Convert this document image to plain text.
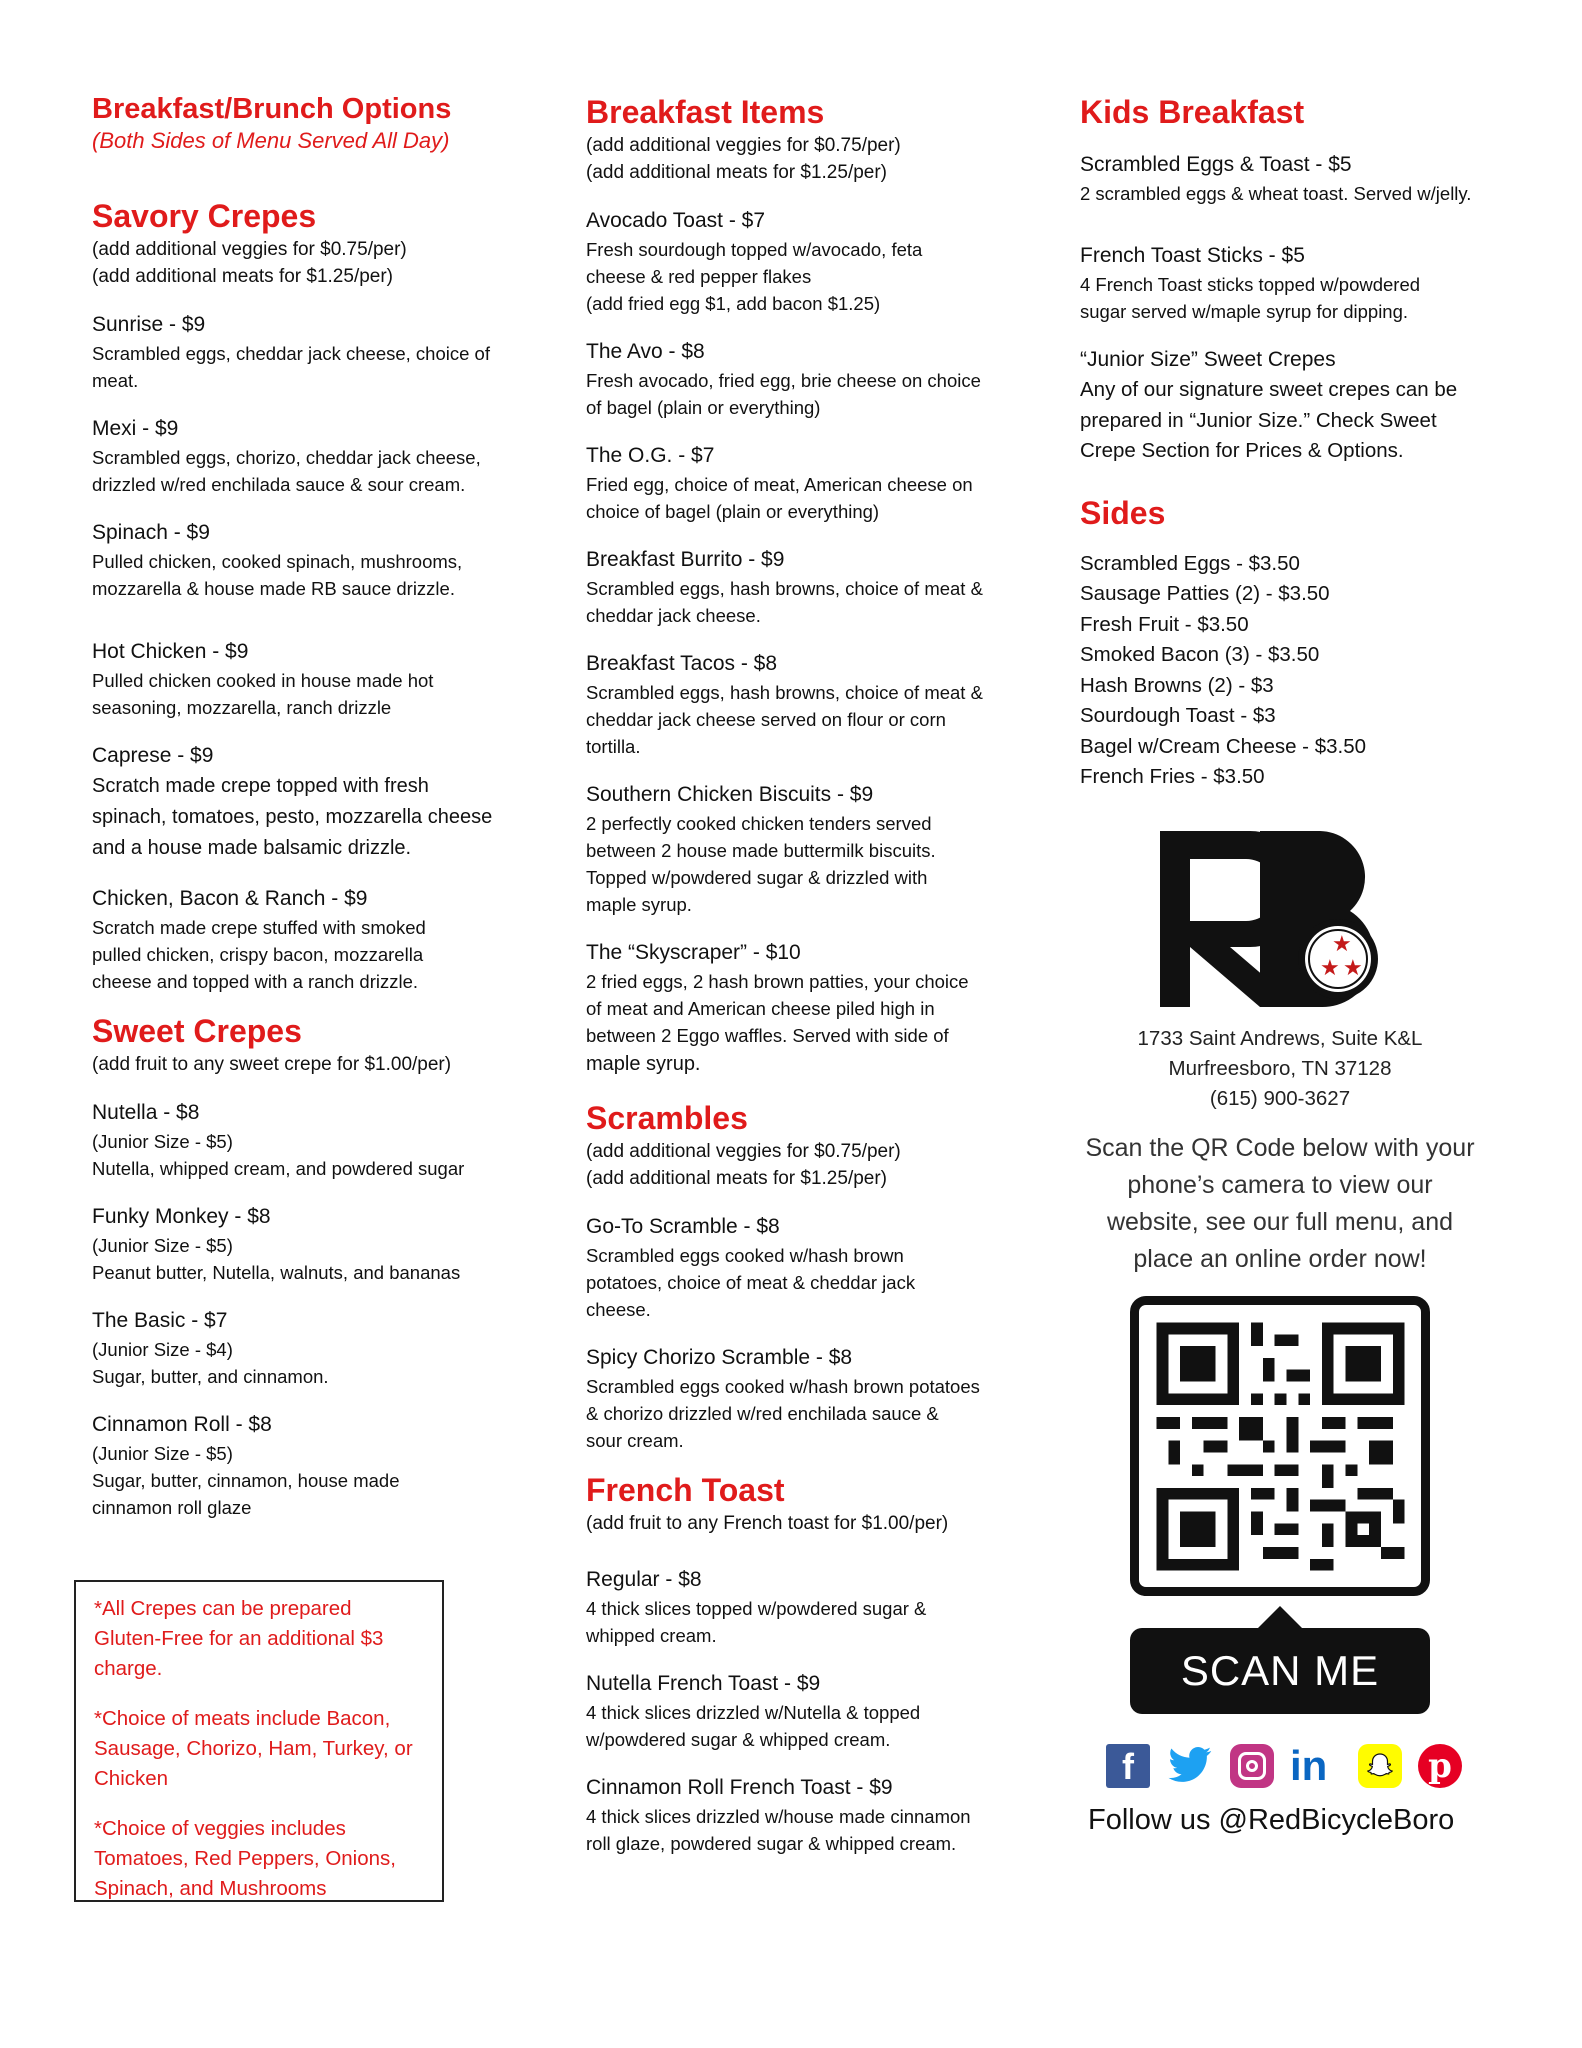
Breakfast/Brunch Options

(Both Sides of Menu Served All Day)

Savory Crepes

(add additional veggies for $0.75/per)

(add additional meats for $1.25/per)

Sunrise - $9

Scrambled eggs, cheddar jack cheese, choice of

meat.

Mexi - $9

Scrambled eggs, chorizo, cheddar jack cheese,

drizzled w/red enchilada sauce & sour cream.

Spinach - $9

Pulled chicken, cooked spinach, mushrooms,

mozzarella & house made RB sauce drizzle.

Hot Chicken - $9

Pulled chicken cooked in house made hot

seasoning, mozzarella, ranch drizzle

Caprese - $9

Scratch made crepe topped with fresh

spinach, tomatoes, pesto, mozzarella cheese

and a house made balsamic drizzle.

Chicken, Bacon & Ranch - $9

Scratch made crepe stuffed with smoked

pulled chicken, crispy bacon, mozzarella

cheese and topped with a ranch drizzle.

Sweet Crepes

(add fruit to any sweet crepe for $1.00/per)

Nutella - $8

(Junior Size - $5)

Nutella, whipped cream, and powdered sugar

Funky Monkey - $8

(Junior Size - $5)

Peanut butter, Nutella, walnuts, and bananas

The Basic - $7

(Junior Size - $4)

Sugar, butter, and cinnamon.

Cinnamon Roll - $8

(Junior Size - $5)

Sugar, butter, cinnamon, house made

cinnamon roll glaze

*All Crepes can be prepared
Gluten-Free for an additional $3
charge.

*Choice of meats include Bacon,
Sausage, Chorizo, Ham, Turkey, or
Chicken

*Choice of veggies includes
Tomatoes, Red Peppers, Onions,
Spinach, and Mushrooms

Breakfast Items

(add additional veggies for $0.75/per)

(add additional meats for $1.25/per)

Avocado Toast - $7

Fresh sourdough topped w/avocado, feta

cheese & red pepper flakes

(add fried egg $1, add bacon $1.25)

The Avo - $8

Fresh avocado, fried egg, brie cheese on choice

of bagel (plain or everything)

The O.G. - $7

Fried egg, choice of meat, American cheese on

choice of bagel (plain or everything)

Breakfast Burrito - $9

Scrambled eggs, hash browns, choice of meat &

cheddar jack cheese.

Breakfast Tacos - $8

Scrambled eggs, hash browns, choice of meat &

cheddar jack cheese served on flour or corn

tortilla.

Southern Chicken Biscuits - $9

2 perfectly cooked chicken tenders served

between 2 house made buttermilk biscuits.

Topped w/powdered sugar & drizzled with

maple syrup.

The “Skyscraper” - $10

2 fried eggs, 2 hash brown patties, your choice

of meat and American cheese piled high in

between 2 Eggo waffles. Served with side of

maple syrup.

Scrambles

(add additional veggies for $0.75/per)

(add additional meats for $1.25/per)

Go-To Scramble - $8

Scrambled eggs cooked w/hash brown

potatoes, choice of meat & cheddar jack

cheese.

Spicy Chorizo Scramble - $8

Scrambled eggs cooked w/hash brown potatoes

& chorizo drizzled w/red enchilada sauce &

sour cream.

French Toast

(add fruit to any French toast for $1.00/per)

Regular - $8

4 thick slices topped w/powdered sugar &

whipped cream.

Nutella French Toast - $9

4 thick slices drizzled w/Nutella & topped

w/powdered sugar & whipped cream.

Cinnamon Roll French Toast - $9

4 thick slices drizzled w/house made cinnamon

roll glaze, powdered sugar & whipped cream.

Kids Breakfast

Scrambled Eggs & Toast - $5

2 scrambled eggs & wheat toast. Served w/jelly.

French Toast Sticks - $5

4 French Toast sticks topped w/powdered

sugar served w/maple syrup for dipping.

“Junior Size” Sweet Crepes

Any of our signature sweet crepes can be

prepared in “Junior Size.” Check Sweet

Crepe Section for Prices & Options.

Sides

Scrambled Eggs - $3.50

Sausage Patties (2) - $3.50

Fresh Fruit - $3.50

Smoked Bacon (3) - $3.50

Hash Browns (2) - $3

Sourdough Toast - $3

Bagel w/Cream Cheese - $3.50

French Fries - $3.50

★
★ ★

1733 Saint Andrews, Suite K&L

Murfreesboro, TN 37128

(615) 900-3627

Scan the QR Code below with your

phone’s camera to view our

website, see our full menu, and

place an online order now!

SCAN ME
f	in	p

Follow us @RedBicycleBoro
